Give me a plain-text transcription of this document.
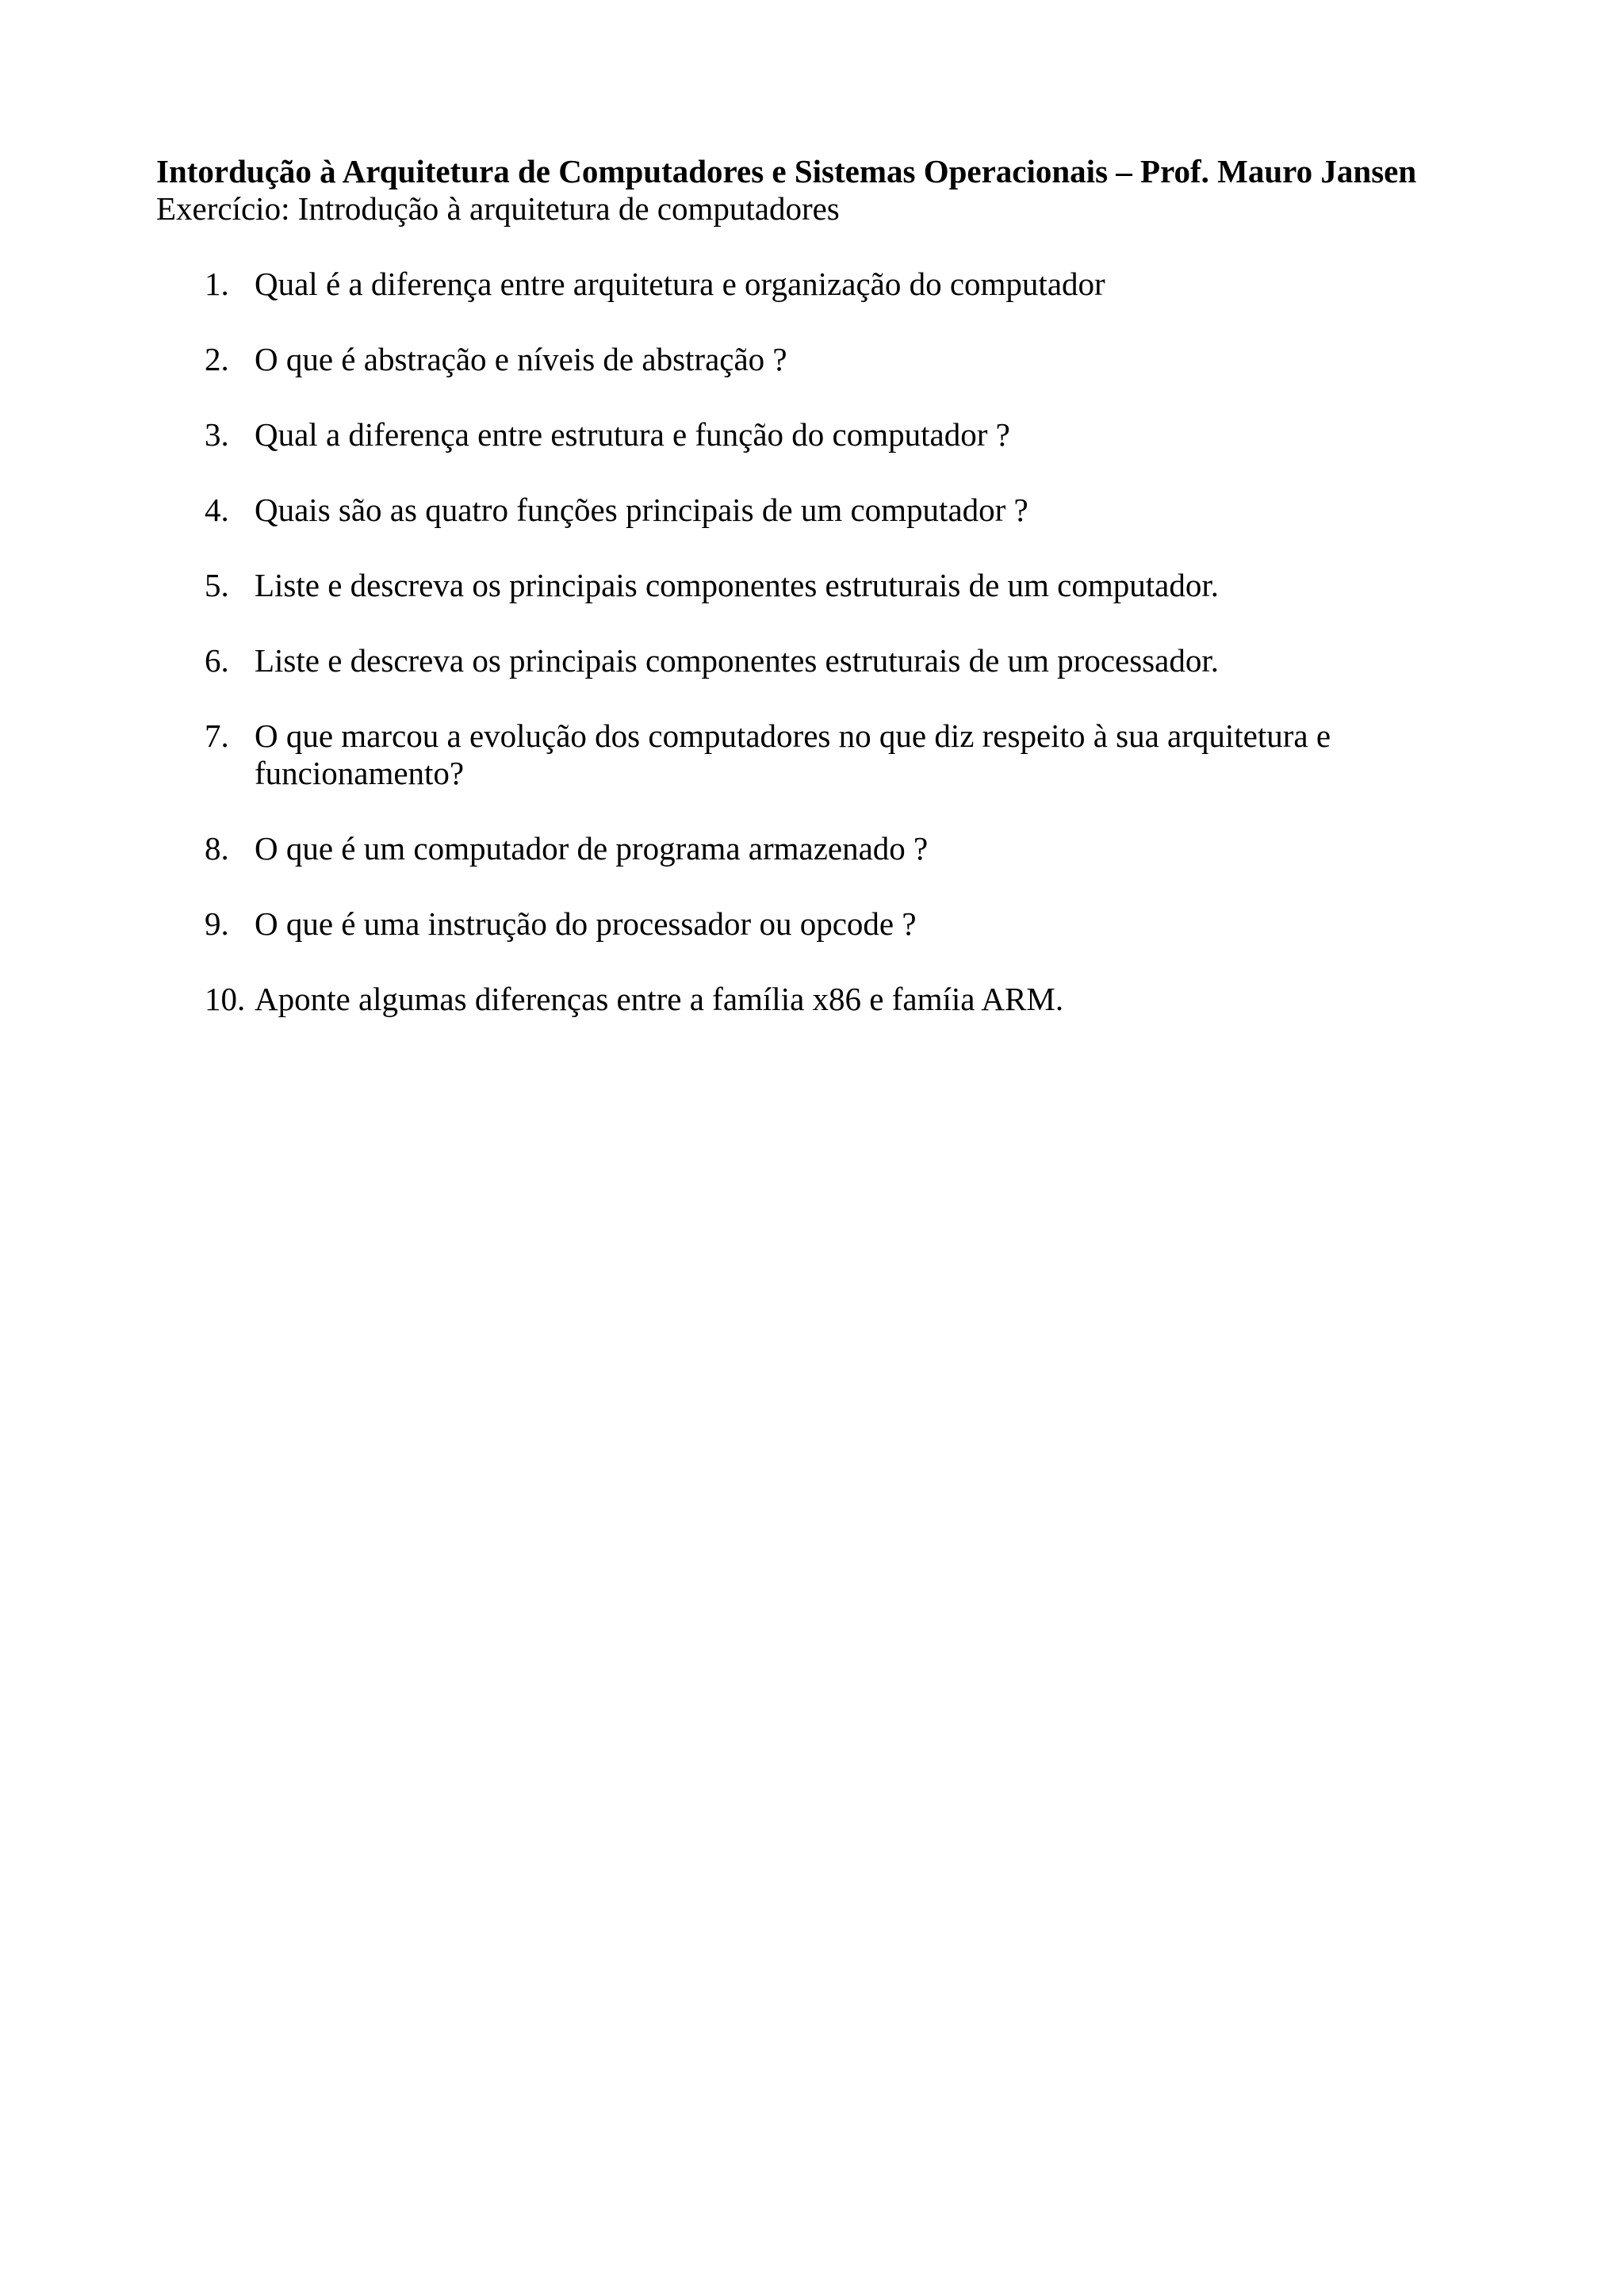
Intordução à Arquitetura de Computadores e Sistemas Operacionais – Prof. Mauro Jansen

Exercício: Introdução à arquitetura de computadores

1. Qual é a diferença entre arquitetura e organização do computador
2. O que é abstração e níveis de abstração ?
3. Qual a diferença entre estrutura e função do computador ?
4. Quais são as quatro funções principais de um computador ?
5. Liste e descreva os principais componentes estruturais de um computador.
6. Liste e descreva os principais componentes estruturais de um processador.
7. O que marcou a evolução dos computadores no que diz respeito à sua arquitetura e funcionamento?
8. O que é um computador de programa armazenado ?
9. O que é uma instrução do processador ou opcode ?
10. Aponte algumas diferenças entre a família x86 e famíia ARM.
